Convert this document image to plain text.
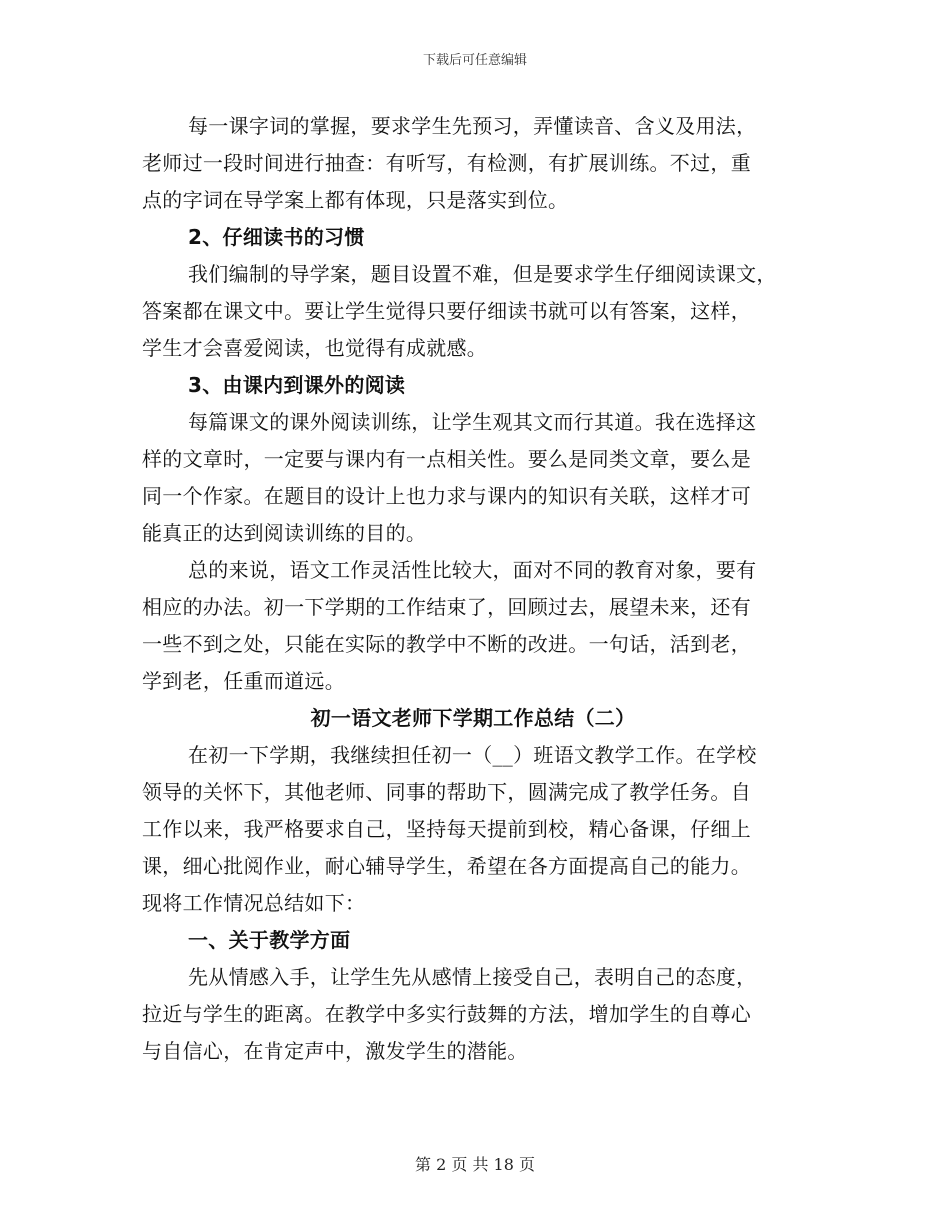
下载后可任意编辑
每一课字词的掌握，要求学生先预习，弄懂读音、含义及用法，
老师过一段时间进行抽查：有听写，有检测，有扩展训练。不过，重
点的字词在导学案上都有体现，只是落实到位。
2、仔细读书的习惯
我们编制的导学案，题目设置不难，但是要求学生仔细阅读课文，
答案都在课文中。要让学生觉得只要仔细读书就可以有答案，这样，
学生才会喜爱阅读，也觉得有成就感。
3、由课内到课外的阅读
每篇课文的课外阅读训练，让学生观其文而行其道。我在选择这
样的文章时，一定要与课内有一点相关性。要么是同类文章，要么是
同一个作家。在题目的设计上也力求与课内的知识有关联，这样才可
能真正的达到阅读训练的目的。
总的来说，语文工作灵活性比较大，面对不同的教育对象，要有
相应的办法。初一下学期的工作结束了，回顾过去，展望未来，还有
一些不到之处，只能在实际的教学中不断的改进。一句话，活到老，
学到老，任重而道远。
初一语文老师下学期工作总结（二）
在初一下学期，我继续担任初一（__）班语文教学工作。在学校
领导的关怀下，其他老师、同事的帮助下，圆满完成了教学任务。自
工作以来，我严格要求自己，坚持每天提前到校，精心备课，仔细上
课，细心批阅作业，耐心辅导学生，希望在各方面提高自己的能力。
现将工作情况总结如下：
一、关于教学方面
先从情感入手，让学生先从感情上接受自己，表明自己的态度，
拉近与学生的距离。在教学中多实行鼓舞的方法，增加学生的自尊心
与自信心，在肯定声中，激发学生的潜能。
第 2 页 共 18 页
